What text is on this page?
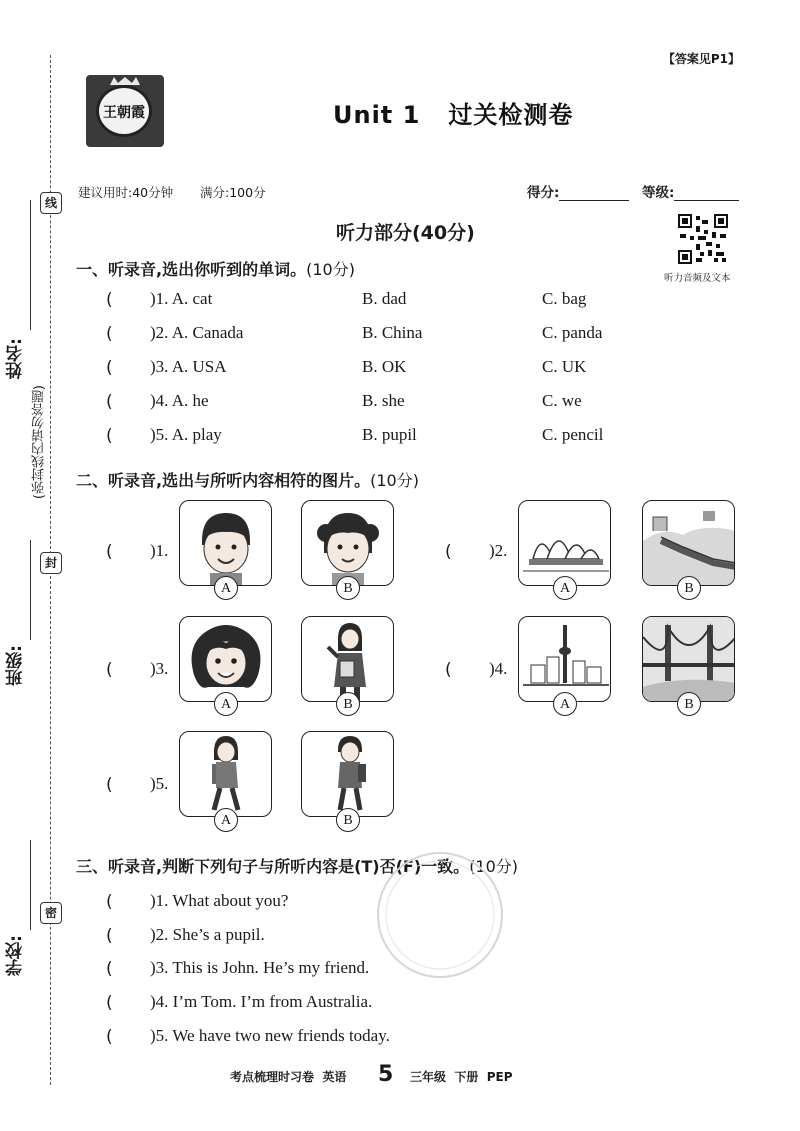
姓名:
班级:
学校:
(弥封线内请勿答题)
线
封
密
王朝霞
【答案见P1】
Unit 1   过关检测卷
建议用时:40分钟 满分:100分	得分:	等级:
听力部分(40分)
听力音频及文本
一、听录音,选出你听到的单词。(10分)
( )1. A. cat	B. dad	C. bag
( )2. A. Canada	B. China	C. panda
( )3. A. USA	B. OK	C. UK
( )4. A. he	B. she	C. we
( )5. A. play	B. pupil	C. pencil
二、听录音,选出与所听内容相符的图片。(10分)
( )1.
A	B
( )2.
A	B
( )3.
A	B
( )4.
A	B
( )5.
A	B
三、听录音,判断下列句子与所听内容是(T)否(F)一致。(10分)
( )1. What about you?
( )2. She’s a pupil.
( )3. This is John. He’s my friend.
( )4. I’m Tom. I’m from Australia.
( )5. We have two new friends today.
考点梳理时习卷  英语 5 三年级  下册  PEP
